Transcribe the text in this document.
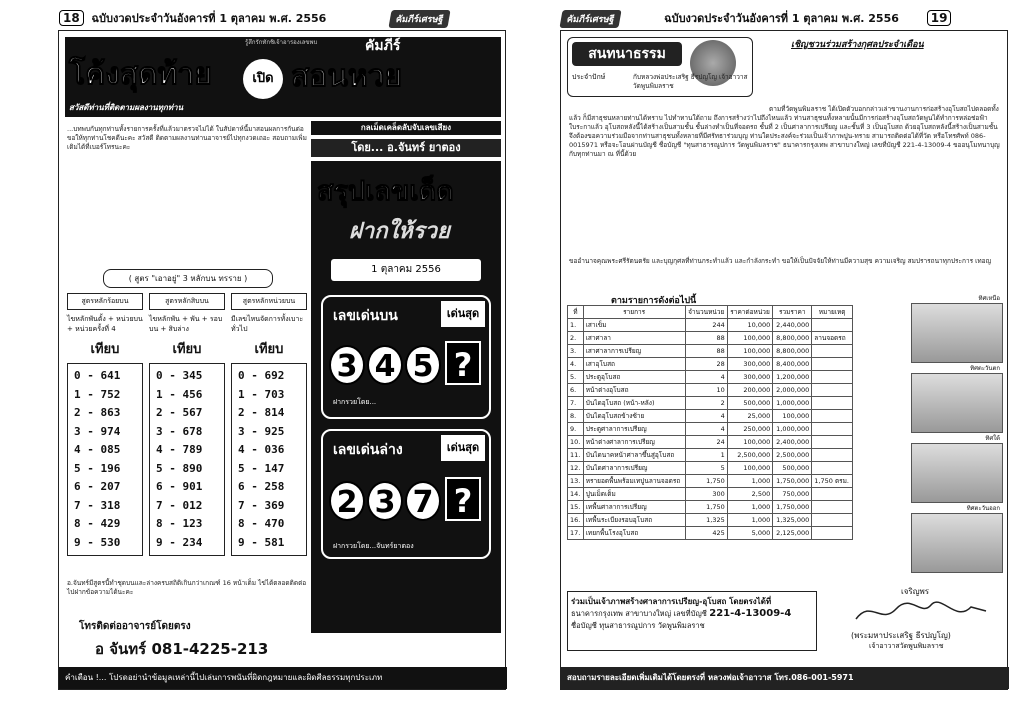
18 ฉบับงวดประจำวันอังคารที่ 1 ตุลาคม พ.ศ. 2556	คัมภีร์เศรษฐี
โค้งสุดท้าย	เปิด สอนหวย
รู้สึกรักทักชิเจ้าอารองเลขพบ	คัมภีร์
สวัสดีท่านที่ติดตามผลงานทุกท่าน
กลเม็ดเคล็ดลับจับเลขเสียง
โดย... อ.จันทร์ ยาตอง
...บทพบกันทุกท่านทั้งรายการครั้งที่แล้วมาตรวจไม่ได้ ในสัปดาห์นี้มาสอนผลการกันต่อ ขอให้ทุกท่านโชคดีนะคะ สวัสดี ติดตามผลงานท่านอาจารย์ไปทุกงวดเถอะ สอบถามเพิ่มเติมได้ที่เบอร์โทรนะคะ
( สูตร "เอาอยู่" 3 หลักบน ทรราย )
สูตรหลักร้อยบน
ไขหลักพันตั้ง + หน่วยบน + หน่วยครั้งที่ 4
เทียบ
0 - 641
1 - 752
2 - 863
3 - 974
4 - 085
5 - 196
6 - 207
7 - 318
8 - 429
9 - 530
สูตรหลักสิบบน
ไขหลักพัน + พัน + รอบบน + สิบล่าง
เทียบ
0 - 345
1 - 456
2 - 567
3 - 678
4 - 789
5 - 890
6 - 901
7 - 012
8 - 123
9 - 234
สูตรหลักหน่วยบน
มีเลขไหนจัดการทั้งเบาะทั่วไป
เทียบ
0 - 692
1 - 703
2 - 814
3 - 925
4 - 036
5 - 147
6 - 258
7 - 369
8 - 470
9 - 581
สรุปเลขเด็ด
ฝากให้รวย
1 ตุลาคม 2556
เลขเด่นบน	เด่นสุด
3 4 5 ?
ฝากรวยโดย...
เลขเด่นล่าง	เด่นสุด
2 3 7 ?
ฝากรวยโดย...จันทร์ยาตอง
อ.จันทร์มีสูตรนี้ทำชุดบนและล่างครบสถิติเกินกว่าเกณฑ์ 16 หน้าเต็ม ไข่ได้ตลอดติดต่อไปฝากข้อความได้นะคะ
โทรติดต่ออาจารย์โดยตรง
อ จันทร์ 081-4225-213
คำเตือน !... โปรดอย่านำข้อมูลเหล่านี้ไปเล่นการพนันที่ผิดกฎหมายและผิดศีลธรรมทุกประเภท
คัมภีร์เศรษฐี	ฉบับงวดประจำวันอังคารที่ 1 ตุลาคม พ.ศ. 2556	19
สนทนาธรรม
ประจำปักษ์	กับหลวงพ่อประเสริฐ ธีรปญโญ เจ้าอาวาสวัดพูนพิมลราช
เชิญชวนร่วมสร้างกุศลประจำเดือน
ตามที่วัดพูนพิมลราช ได้เปิดตัวบอกกล่าวเล่าขานงานการก่อสร้างอุโบสถไปตลอดทั้งแล้ว ก็มีสาธุชนหลายท่านได้ทราบ ไปทำทานใต้ถาม ถึงการสร้างว่าไปถึงไหนแล้ว ท่านสาธุชนทั้งหลายนั้นมีการก่อสร้างอุโบสถวัดพูนได้ทำการหล่อช่อฟ้าใบระกาแล้ว อุโบสถหลังนี้ได้สร้างเป็นสามชั้น ชั้นล่างทำเป็นที่จอดรถ ชั้นที่ 2 เป็นศาลาการเปรียญ และชั้นที่ 3 เป็นอุโบสถ ด้วยอุโบสถหลังนี้สร้างเป็นสามชั้น จึงต้องขอความร่วมมือจากท่านสาธุชนทั้งหลายที่มีศรัทธาร่วมบุญ ท่านใดประสงค์จะร่วมเป็นเจ้าภาพปูน-ทราย สามารถติดต่อได้ที่วัด หรือโทรศัพท์ 086-0015971 หรือจะโอนผ่านบัญชี ชื่อบัญชี "ทุนสาธารณูปการ วัดพูนพิมลราช" ธนาคารกรุงเทพ สาขาบางใหญ่ เลขที่บัญชี 221-4-13009-4 ขออนุโมทนาบุญกับทุกท่านมา ณ ที่นี้ด้วย
ขออำนาจคุณพระศรีรัตนตรัย และบุญกุศลที่ท่านกระทำแล้ว และกำลังกระทำ ขอให้เป็นปัจจัยให้ท่านมีความสุข ความเจริญ สมปรารถนาทุกประการ เทอญ
ตามรายการดังต่อไปนี้
ที่	รายการ	จำนวนหน่วย	ราคาต่อหน่วย	รวมราคา	หมายเหตุ
1.	เสาเข็ม	244	10,000	2,440,000	
2.	เสาศาลา	88	100,000	8,800,000	ลานจอดรถ
3.	เสาศาลาการเปรียญ	88	100,000	8,800,000	
4.	เสาอุโบสถ	28	300,000	8,400,000	
5.	ประตูอุโบสถ	4	300,000	1,200,000	
6.	หน้าต่างอุโบสถ	10	200,000	2,000,000	
7.	บันไดอุโบสถ (หน้า-หลัง)	2	500,000	1,000,000	
8.	บันไดอุโบสถข้างซ้าย	4	25,000	100,000	
9.	ประตูศาลาการเปรียญ	4	250,000	1,000,000	
10.	หน้าต่างศาลาการเปรียญ	24	100,000	2,400,000	
11.	บันไดนาคหน้าศาลาขึ้นสู่อุโบสถ	1	2,500,000	2,500,000	
12.	บันไดศาลาการเปรียญ	5	100,000	500,000	
13.	หรายอดพื้นพร้อมเทปูนลานจอดรถ	1,750	1,000	1,750,000	1,750 ตรม.
14.	ปูนเม็ดเต็ม	300	2,500	750,000	
15.	เทพื้นศาลาการเปรียญ	1,750	1,000	1,750,000	
16.	เทพื้นระเบียงรอบอุโบสถ	1,325	1,000	1,325,000	
17.	เทยกพื้นโรงอุโบสถ	425	5,000	2,125,000	
ทิศเหนือ
ทิศตะวันตก
ทิศใต้
ทิศตะวันออก
ร่วมเป็นเจ้าภาพสร้างศาลาการเปรียญ-อุโบสถ โดยตรงได้ที่
ธนาคารกรุงเทพ สาขาบางใหญ่ เลขที่บัญชี 221-4-13009-4
ชื่อบัญชี ทุนสาธารณูปการ วัดพูนพิมลราช
เจริญพร
(พระมหาประเสริฐ ธีรปญโญ)
เจ้าอาวาสวัดพูนพิมลราช
สอบถามรายละเอียดเพิ่มเติมได้โดยตรงที่ หลวงพ่อเจ้าอาวาส โทร.086-001-5971
